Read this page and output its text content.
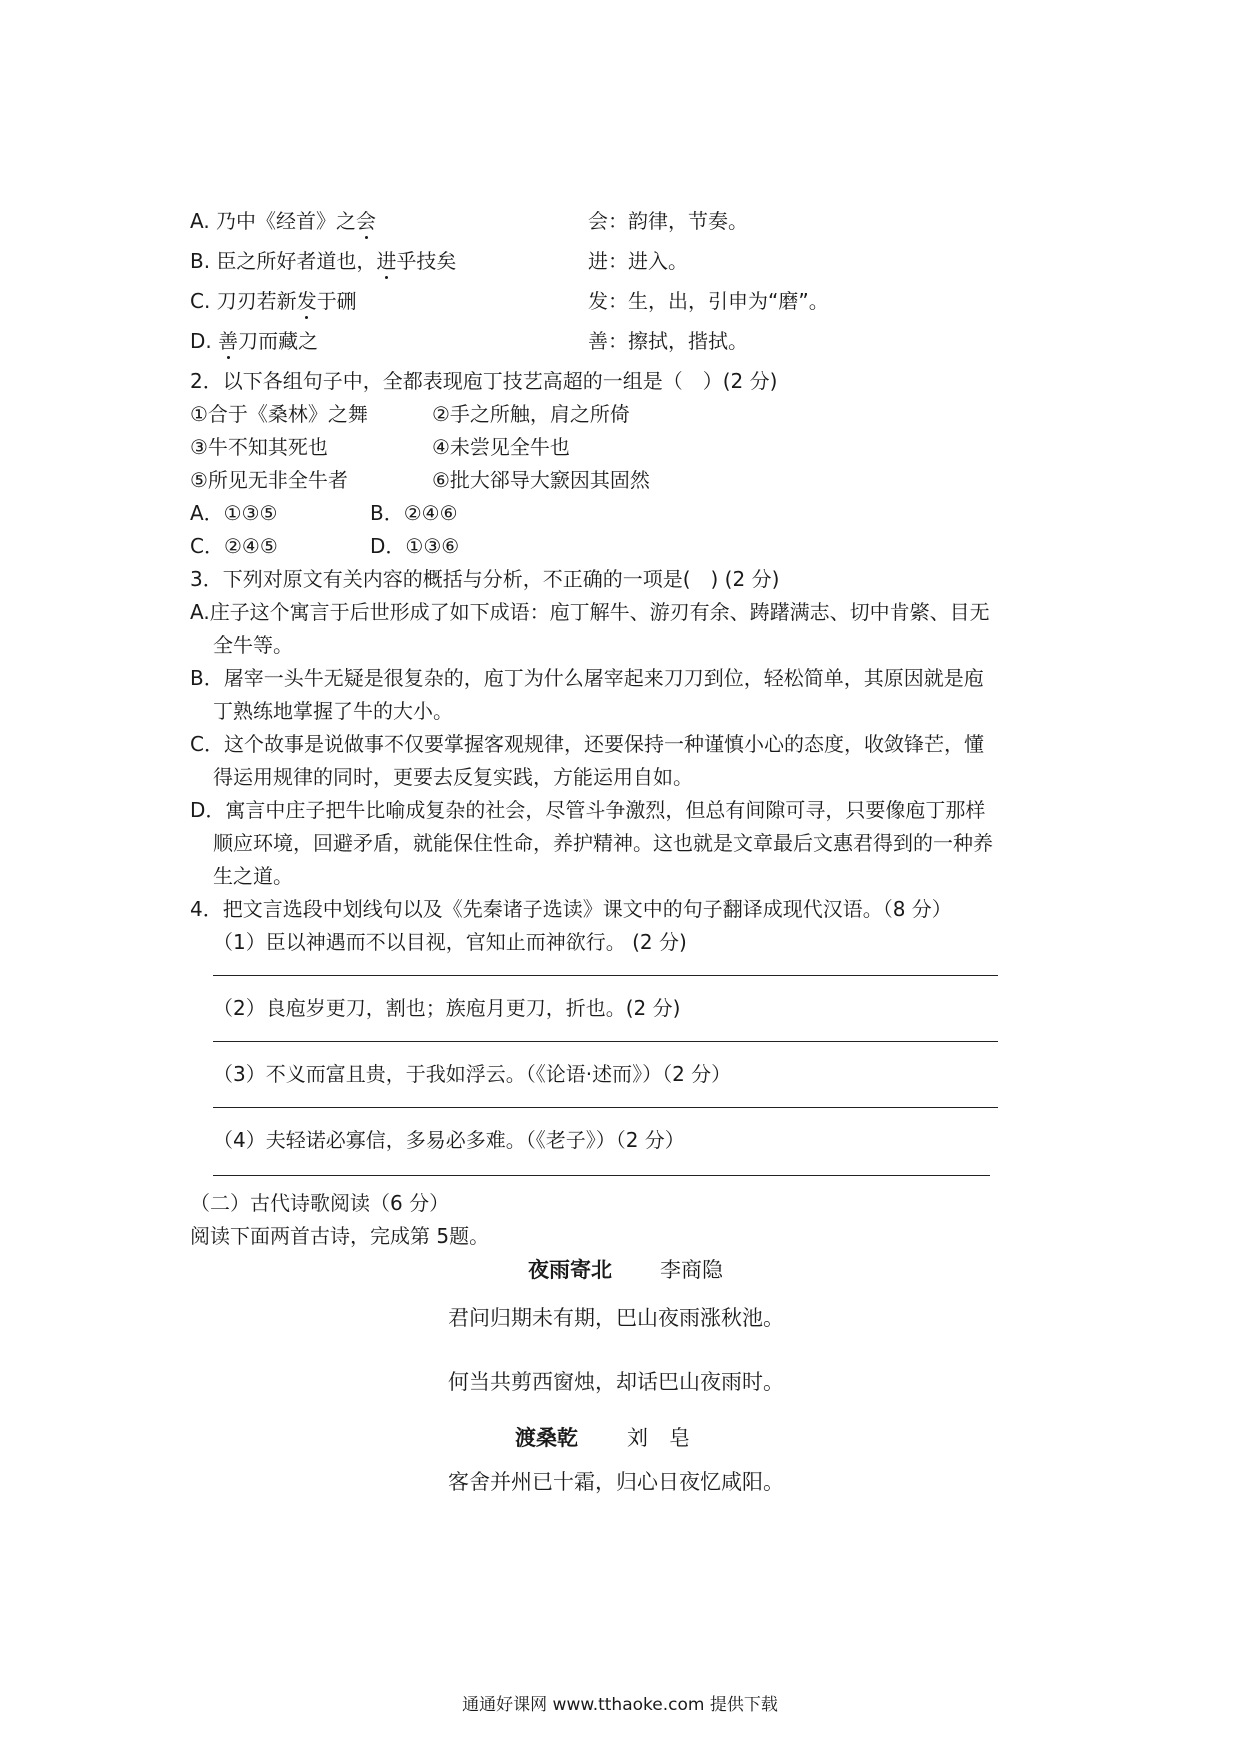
A. 乃中《经首》之会	会：韵律，节奏。
B. 臣之所好者道也，进乎技矣	进：进入。
C. 刀刃若新发于硎	发：生，出，引申为“磨”。
D. 善刀而藏之	善：擦拭，揩拭。
2．以下各组句子中，全都表现庖丁技艺高超的一组是（　）(2 分)
①合于《桑林》之舞	②手之所触，肩之所倚
③牛不知其死也	④未尝见全牛也
⑤所见无非全牛者	⑥批大郤导大窾因其固然
A．①③⑤	B．②④⑥
C．②④⑤	D．①③⑥
3．下列对原文有关内容的概括与分析，不正确的一项是(　) (2 分)
A.庄子这个寓言于后世形成了如下成语：庖丁解牛、游刃有余、踌躇满志、切中肯綮、目无
全牛等。
B．屠宰一头牛无疑是很复杂的，庖丁为什么屠宰起来刀刀到位，轻松简单，其原因就是庖
丁熟练地掌握了牛的大小。
C．这个故事是说做事不仅要掌握客观规律，还要保持一种谨慎小心的态度，收敛锋芒，懂
得运用规律的同时，更要去反复实践，方能运用自如。
D．寓言中庄子把牛比喻成复杂的社会，尽管斗争激烈，但总有间隙可寻，只要像庖丁那样
顺应环境，回避矛盾，就能保住性命，养护精神。这也就是文章最后文惠君得到的一种养
生之道。
4．把文言选段中划线句以及《先秦诸子选读》课文中的句子翻译成现代汉语。（8 分）
（1）臣以神遇而不以目视，官知止而神欲行。 (2 分)
（2）良庖岁更刀，割也；族庖月更刀，折也。(2 分)
（3）不义而富且贵，于我如浮云。（《论语·述而》）（2 分）
（4）夫轻诺必寡信，多易必多难。（《老子》）（2 分）
（二）古代诗歌阅读（6 分）
阅读下面两首古诗，完成第 5题。
夜雨寄北 李商隐
君问归期未有期，巴山夜雨涨秋池。
何当共剪西窗烛，却话巴山夜雨时。
渡桑乾 刘　皂
客舍并州已十霜，归心日夜忆咸阳。
通通好课网 www.tthaoke.com 提供下载
